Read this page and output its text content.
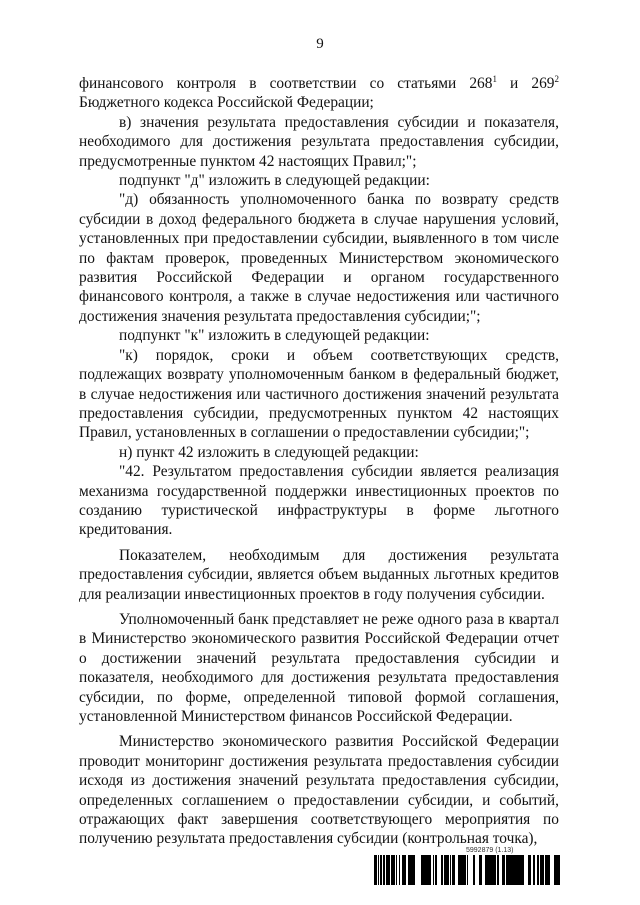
9

финансового контроля в соответствии со статьями $268^1$ и $269^2$ Бюджетного кодекса Российской Федерации;

в) значения результата предоставления субсидии и показателя, необходимого для достижения результата предоставления субсидии, предусмотренные пунктом 42 настоящих Правил;";

подпункт "д" изложить в следующей редакции:

"д) обязанность уполномоченного банка по возврату средств субсидии в доход федерального бюджета в случае нарушения условий, установленных при предоставлении субсидии, выявленного в том числе по фактам проверок, проведенных Министерством экономического развития Российской Федерации и органом государственного финансового контроля, а также в случае недостижения или частичного достижения значения результата предоставления субсидии;";

подпункт "к" изложить в следующей редакции:

"к) порядок, сроки и объем соответствующих средств, подлежащих возврату уполномоченным банком в федеральный бюджет, в случае недостижения или частичного достижения значений результата предоставления субсидии, предусмотренных пунктом 42 настоящих Правил, установленных в соглашении о предоставлении субсидии;";

н) пункт 42 изложить в следующей редакции:

"42. Результатом предоставления субсидии является реализация механизма государственной поддержки инвестиционных проектов по созданию туристической инфраструктуры в форме льготного кредитования.

Показателем, необходимым для достижения результата предоставления субсидии, является объем выданных льготных кредитов для реализации инвестиционных проектов в году получения субсидии.

Уполномоченный банк представляет не реже одного раза в квартал в Министерство экономического развития Российской Федерации отчет о достижении значений результата предоставления субсидии и показателя, необходимого для достижения результата предоставления субсидии, по форме, определенной типовой формой соглашения, установленной Министерством финансов Российской Федерации.

Министерство экономического развития Российской Федерации проводит мониторинг достижения результата предоставления субсидии исходя из достижения значений результата предоставления субсидии, определенных соглашением о предоставлении субсидии, и событий, отражающих факт завершения соответствующего мероприятия по получению результата предоставления субсидии (контрольная точка),

5992879 (1.13)
